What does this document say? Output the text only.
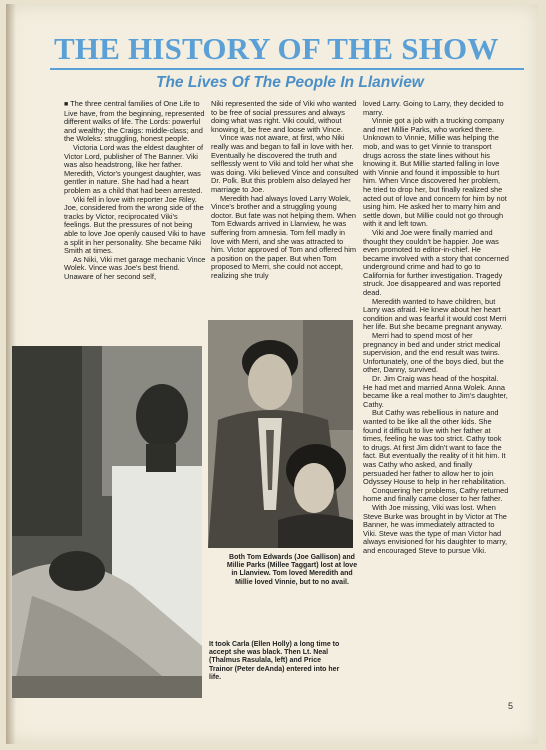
THE HISTORY OF THE SHOW
The Lives Of The People In Llanview

■ The three central families of One Life to Live have, from the beginning, represented different walks of life. The Lords: powerful and wealthy; the Craigs: middle-class; and the Woleks: struggling, honest people.

Victoria Lord was the eldest daughter of Victor Lord, publisher of The Banner. Viki was also headstrong, like her father. Meredith, Victor's youngest daughter, was gentler in nature. She had had a heart problem as a child that had been arrested.

Viki fell in love with reporter Joe Riley. Joe, considered from the wrong side of the tracks by Victor, reciprocated Viki's feelings. But the pressures of not being able to love Joe openly caused Viki to have a split in her personality. She became Niki Smith at times.

As Niki, Viki met garage mechanic Vince Wolek. Vince was Joe's best friend. Unaware of her second self,

Niki represented the side of Viki who wanted to be free of social pressures and always doing what was right. Viki could, without knowing it, be free and loose with Vince.

Vince was not aware, at first, who Niki really was and began to fall in love with her. Eventually he discovered the truth and selflessly went to Viki and told her what she was doing. Viki believed Vince and consulted Dr. Polk. But this problem also delayed her marriage to Joe.

Meredith had always loved Larry Wolek, Vince's brother and a struggling young doctor. But fate was not helping them. When Tom Edwards arrived in Llanview, he was suffering from amnesia. Tom fell madly in love with Merri, and she was attracted to him. Victor approved of Tom and offered him a position on the paper. But when Tom proposed to Merri, she could not accept, realizing she truly

loved Larry. Going to Larry, they decided to marry.

Vinnie got a job with a trucking company and met Millie Parks, who worked there. Unknown to Vinnie, Millie was helping the mob, and was to get Vinnie to transport drugs across the state lines without his knowing it. But Millie started falling in love with Vinnie and found it impossible to hurt him. When Vince discovered her problem, he tried to drop her, but finally realized she acted out of love and concern for him by not using him. He asked her to marry him and settle down, but Millie could not go through with it and left town.

Viki and Joe were finally married and thought they couldn't be happier. Joe was even promoted to editor-in-chief. He became involved with a story that concerned underground crime and had to go to California for further investigation. Tragedy struck. Joe disappeared and was reported dead.

Meredith wanted to have children, but Larry was afraid. He knew about her heart condition and was fearful it would cost Merri her life. But she became pregnant anyway.

Merri had to spend most of her pregnancy in bed and under strict medical supervision, and the end result was twins. Unfortunately, one of the boys died, but the other, Danny, survived.

Dr. Jim Craig was head of the hospital. He had met and married Anna Wolek. Anna became like a real mother to Jim's daughter, Cathy.

But Cathy was rebellious in nature and wanted to be like all the other kids. She found it difficult to live with her father at times, feeling he was too strict. Cathy took to drugs. At first Jim didn't want to face the fact. But eventually the reality of it hit him. It was Cathy who asked, and finally persuaded her father to allow her to join Odyssey House to help in her rehabilitation.

Conquering her problems, Cathy returned home and finally came closer to her father.

With Joe missing, Viki was lost. When Steve Burke was brought in by Victor at The Banner, he was immediately attracted to Viki. Steve was the type of man Victor had always envisioned for his daughter to marry, and encouraged Steve to pursue Viki.

Both Tom Edwards (Joe Gallison) and Millie Parks (Millee Taggart) lost at love in Llanview. Tom loved Meredith and Millie loved Vinnie, but to no avail.
It took Carla (Ellen Holly) a long time to accept she was black. Then Lt. Neal (Thalmus Rasulala, left) and Price Trainor (Peter deAnda) entered into her life.
5
